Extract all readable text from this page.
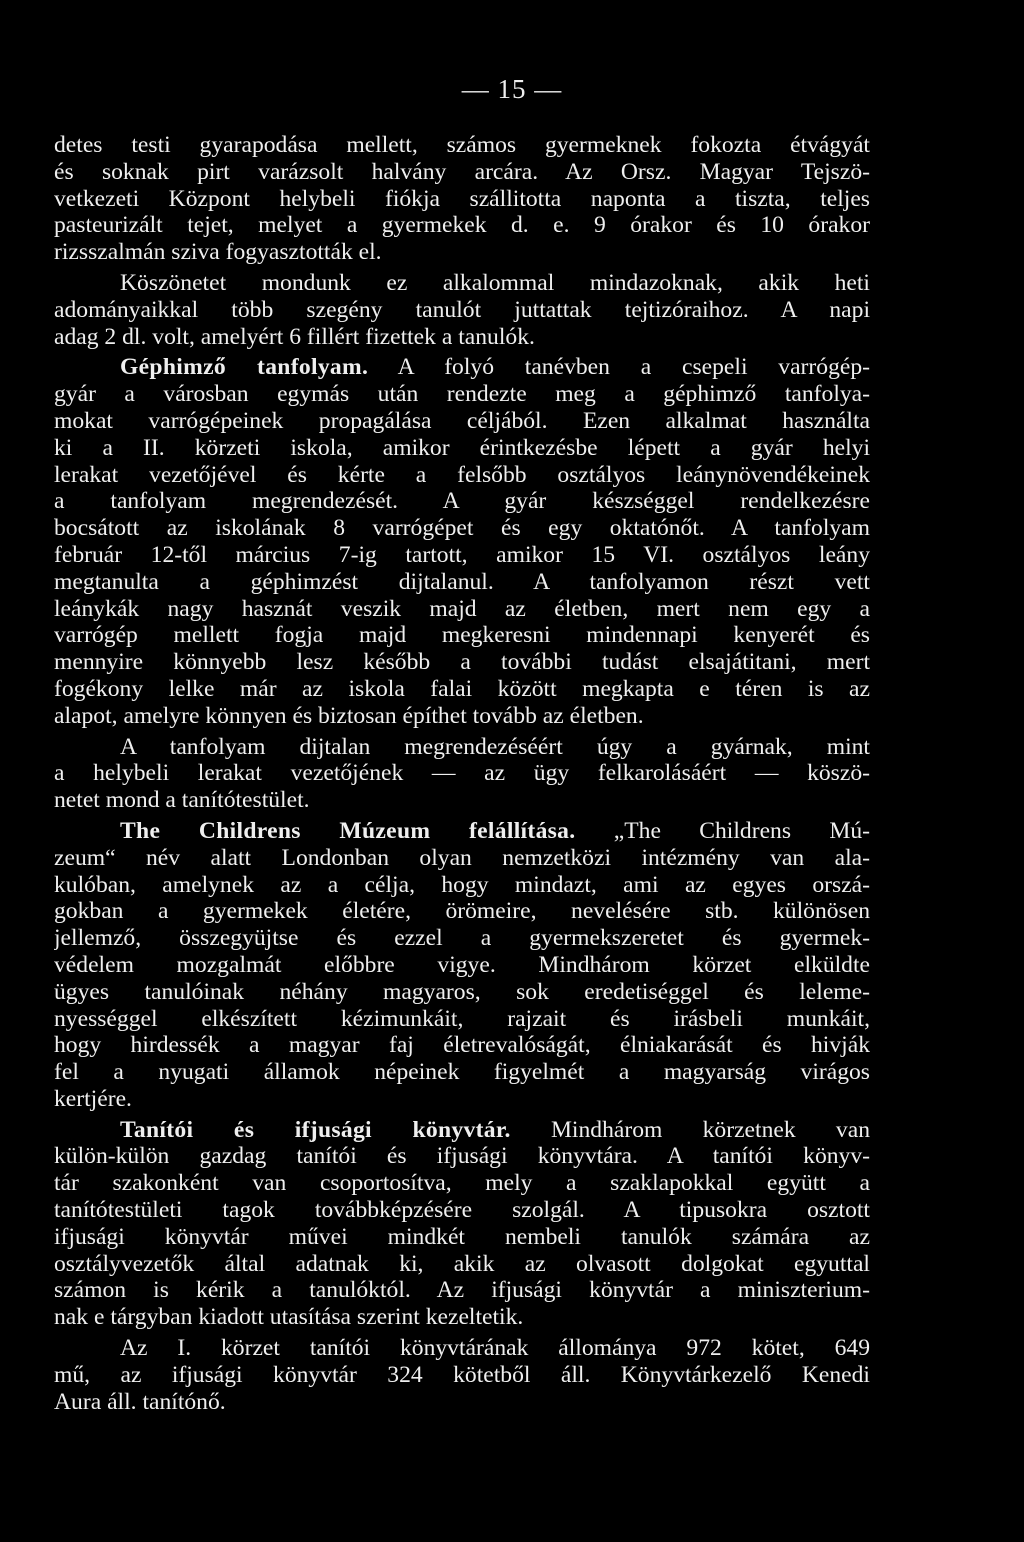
— 15 —
detes testi gyarapodása mellett, számos gyermeknek fokozta étvágyát
és soknak pirt varázsolt halvány arcára. Az Orsz. Magyar Tejszö-
vetkezeti Központ helybeli fiókja szállitotta naponta a tiszta, teljes
pasteurizált tejet, melyet a gyermekek d. e. 9 órakor és 10 órakor
rizsszalmán sziva fogyasztották el.
Köszönetet mondunk ez alkalommal mindazoknak, akik heti
adományaikkal több szegény tanulót juttattak tejtizóraihoz. A napi
adag 2 dl. volt, amelyért 6 fillért fizettek a tanulók.
Géphimző tanfolyam. A folyó tanévben a csepeli varrógép-
gyár a városban egymás után rendezte meg a géphimző tanfolya-
mokat varrógépeinek propagálása céljából. Ezen alkalmat használta
ki a II. körzeti iskola, amikor érintkezésbe lépett a gyár helyi
lerakat vezetőjével és kérte a felsőbb osztályos leánynövendékeinek
a tanfolyam megrendezését. A gyár készséggel rendelkezésre
bocsátott az iskolának 8 varrógépet és egy oktatónőt. A tanfolyam
február 12-től március 7-ig tartott, amikor 15 VI. osztályos leány
megtanulta a géphimzést dijtalanul. A tanfolyamon részt vett
leánykák nagy hasznát veszik majd az életben, mert nem egy a
varrógép mellett fogja majd megkeresni mindennapi kenyerét és
mennyire könnyebb lesz később a további tudást elsajátitani, mert
fogékony lelke már az iskola falai között megkapta e téren is az
alapot, amelyre könnyen és biztosan építhet tovább az életben.
A tanfolyam dijtalan megrendezéséért úgy a gyárnak, mint
a helybeli lerakat vezetőjének — az ügy felkarolásáért — köszö-
netet mond a tanítótestület.
The Childrens Múzeum felállítása. „The Childrens Mú-
zeum“ név alatt Londonban olyan nemzetközi intézmény van ala-
kulóban, amelynek az a célja, hogy mindazt, ami az egyes orszá-
gokban a gyermekek életére, örömeire, nevelésére stb. különösen
jellemző, összegyüjtse és ezzel a gyermekszeretet és gyermek-
védelem mozgalmát előbbre vigye. Mindhárom körzet elküldte
ügyes tanulóinak néhány magyaros, sok eredetiséggel és leleme-
nyességgel elkészített kézimunkáit, rajzait és irásbeli munkáit,
hogy hirdessék a magyar faj életrevalóságát, élniakarását és hivják
fel a nyugati államok népeinek figyelmét a magyarság virágos
kertjére.
Tanítói és ifjusági könyvtár. Mindhárom körzetnek van
külön-külön gazdag tanítói és ifjusági könyvtára. A tanítói könyv-
tár szakonként van csoportosítva, mely a szaklapokkal együtt a
tanítótestületi tagok továbbképzésére szolgál. A tipusokra osztott
ifjusági könyvtár művei mindkét nembeli tanulók számára az
osztályvezetők által adatnak ki, akik az olvasott dolgokat egyuttal
számon is kérik a tanulóktól. Az ifjusági könyvtár a miniszterium-
nak e tárgyban kiadott utasítása szerint kezeltetik.
Az I. körzet tanítói könyvtárának állománya 972 kötet, 649
mű, az ifjusági könyvtár 324 kötetből áll. Könyvtárkezelő Kenedi
Aura áll. tanítónő.
